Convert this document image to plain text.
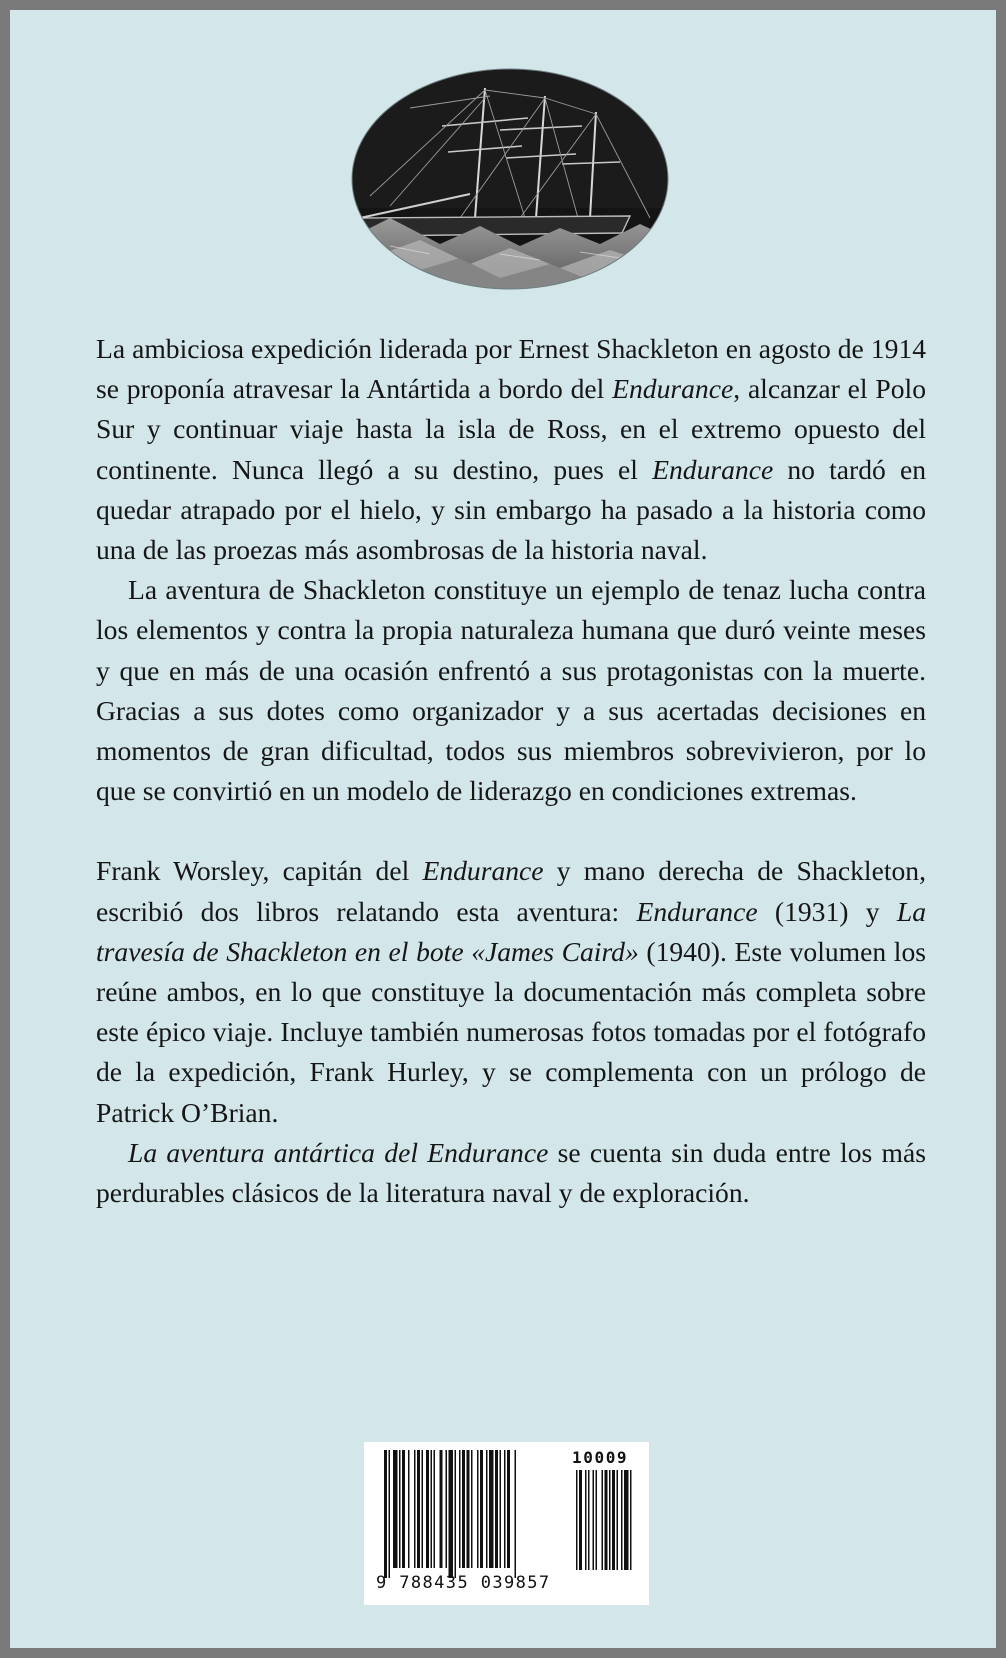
La ambiciosa expedición liderada por Ernest Shackleton en agosto de 1914 se proponía atravesar la Antártida a bordo del Endurance, alcanzar el Polo Sur y continuar viaje hasta la isla de Ross, en el extremo opuesto del continente. Nunca llegó a su destino, pues el Endurance no tardó en quedar atrapado por el hielo, y sin embargo ha pasado a la historia como una de las proezas más asombrosas de la historia naval.

La aventura de Shackleton constituye un ejemplo de tenaz lucha contra los elementos y contra la propia naturaleza humana que duró veinte meses y que en más de una ocasión enfrentó a sus protagonistas con la muerte. Gracias a sus dotes como organizador y a sus acertadas decisiones en momentos de gran dificultad, todos sus miembros sobrevivieron, por lo que se convirtió en un modelo de liderazgo en condiciones extremas.

Frank Worsley, capitán del Endurance y mano derecha de Shackleton, escribió dos libros relatando esta aventura: Endurance (1931) y La travesía de Shackleton en el bote «James Caird» (1940). Este volumen los reúne ambos, en lo que constituye la documentación más completa sobre este épico viaje. Incluye también numerosas fotos tomadas por el fotógrafo de la expedición, Frank Hurley, y se complementa con un prólogo de Patrick O’Brian.

La aventura antártica del Endurance se cuenta sin duda entre los más perdurables clásicos de la literatura naval y de exploración.

10009
9 788435 039857
